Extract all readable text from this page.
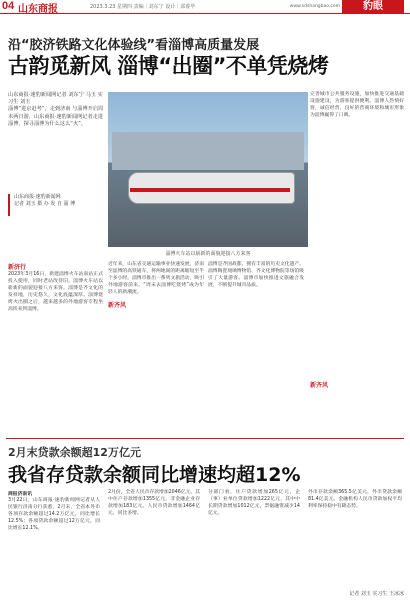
04 山东商报	2023.3.23 星期四 责编｜刘东宁 设计｜邱睿毕	www.sdshangbao.com	豹眼
沿“胶济铁路文化体验线”看淄博高质量发展
古韵觅新风 淄博“出圈”不单凭烧烤
山东商报·速豹新闻网记者 刘东宁 马玉 实习生 刘玉
淄博“进京赶考”，走到济南 与淄博开启周末两日游，山东商报·速豹新闻网记者走进淄博，探寻淄博为什么这么“火”。
山东商报·速豹新闻网
记者 刘玉 摄 办 发 自 淄 博
淄博火车站以崭新的面貌迎接八方来客
新济行
2023年3月16日，新建淄博火车站南站正式投入使用，同时老站改待旧。淄博火车站以崭新的面貌迎接八方来客。淄博是齐文化的发祥地，历史悠久，文化底蕴深厚。淄博烧烤火出圈之后，越来越多的外地游客专程坐高铁来到淄博。
新齐风
近年来，山东省交通运输事业快速发展，济南至淄博的高铁通车，将两地间的距离缩短至半个多小时。淄博市推出一系列文旅活动，吸引外地游客前来。“周末去淄博吃烧烤”成为年轻人的新潮流。
淄博是齐国故都，拥有丰富的历史文化遗产。淄博陶瓷琉璃博物馆、齐文化博物院等场馆吸引了大量游客。淄博市加快推进文旅融合发展，不断提升城市品质。
新齐风
完善城市公共服务设施，加快推进交通基础设施建设，为游客提供便利。淄博人热情好客，诚信经营，良好的营商环境和城市形象为淄博赢得了口碑。
2月末贷款余额超12万亿元
我省存贷款余额同比增速均超12%
商报济南讯
3月22日，山东商报·速豹新闻网记者从人民银行济南分行获悉，2月末，全省本外币各项存款余额超过14.2万亿元，同比增长12.5%；各项贷款余额超过12万亿元，同比增长12.1%。
2月份，全省人民币存款增加2046亿元，其中住户存款增加1355亿元，非金融企业存款增加183亿元。人民币贷款增加1464亿元，同比多增。
分部门看，住户贷款增加265亿元，企（事）业单位贷款增加1222亿元，其中中长期贷款增加1012亿元，票据融资减少14亿元。
外币存款余额365.5亿美元，外币贷款余额81.4亿美元。金融机构人民币贷款加权平均利率保持稳中有降态势。
记者 刘玉 实习生 王冰冰
